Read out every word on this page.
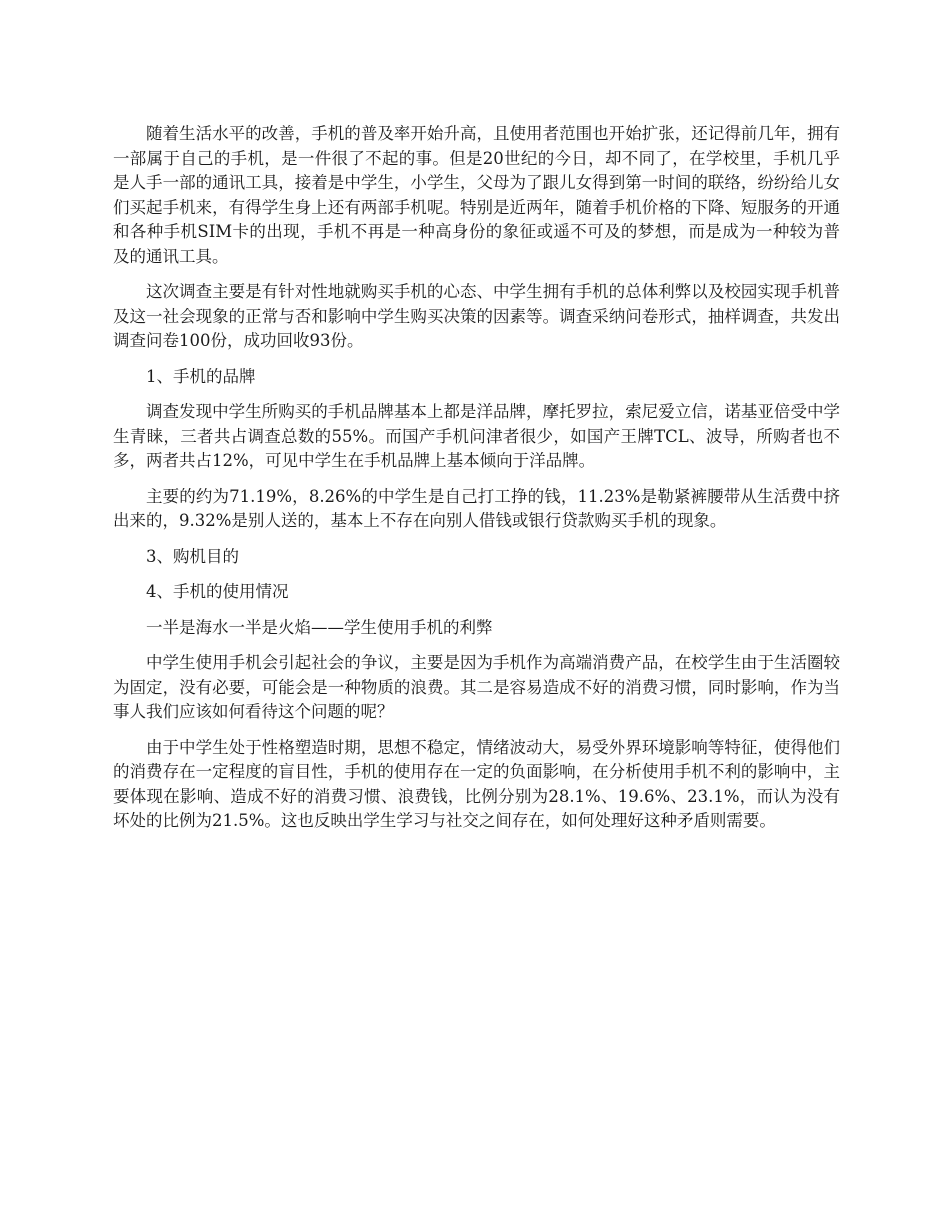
随着生活水平的改善，手机的普及率开始升高，且使用者范围也开始扩张，还记得前几年，拥有一部属于自己的手机，是一件很了不起的事。但是20世纪的今日，却不同了，在学校里，手机几乎是人手一部的通讯工具，接着是中学生，小学生，父母为了跟儿女得到第一时间的联络，纷纷给儿女们买起手机来，有得学生身上还有两部手机呢。特别是近两年，随着手机价格的下降、短服务的开通和各种手机SIM卡的出现，手机不再是一种高身份的象征或遥不可及的梦想，而是成为一种较为普及的通讯工具。

这次调查主要是有针对性地就购买手机的心态、中学生拥有手机的总体利弊以及校园实现手机普及这一社会现象的正常与否和影响中学生购买决策的因素等。调查采纳问卷形式，抽样调查，共发出调查问卷100份，成功回收93份。

1、手机的品牌

调查发现中学生所购买的手机品牌基本上都是洋品牌，摩托罗拉，索尼爱立信，诺基亚倍受中学生青睐，三者共占调查总数的55%。而国产手机问津者很少，如国产王牌TCL、波导，所购者也不多，两者共占12%，可见中学生在手机品牌上基本倾向于洋品牌。

主要的约为71.19%，8.26%的中学生是自己打工挣的钱，11.23%是勒紧裤腰带从生活费中挤出来的，9.32%是别人送的，基本上不存在向别人借钱或银行贷款购买手机的现象。

3、购机目的

4、手机的使用情况

一半是海水一半是火焰——学生使用手机的利弊

中学生使用手机会引起社会的争议，主要是因为手机作为高端消费产品，在校学生由于生活圈较为固定，没有必要，可能会是一种物质的浪费。其二是容易造成不好的消费习惯，同时影响，作为当事人我们应该如何看待这个问题的呢？

由于中学生处于性格塑造时期，思想不稳定，情绪波动大，易受外界环境影响等特征，使得他们的消费存在一定程度的盲目性，手机的使用存在一定的负面影响，在分析使用手机不利的影响中，主要体现在影响、造成不好的消费习惯、浪费钱，比例分别为28.1%、19.6%、23.1%，而认为没有坏处的比例为21.5%。这也反映出学生学习与社交之间存在，如何处理好这种矛盾则需要。
